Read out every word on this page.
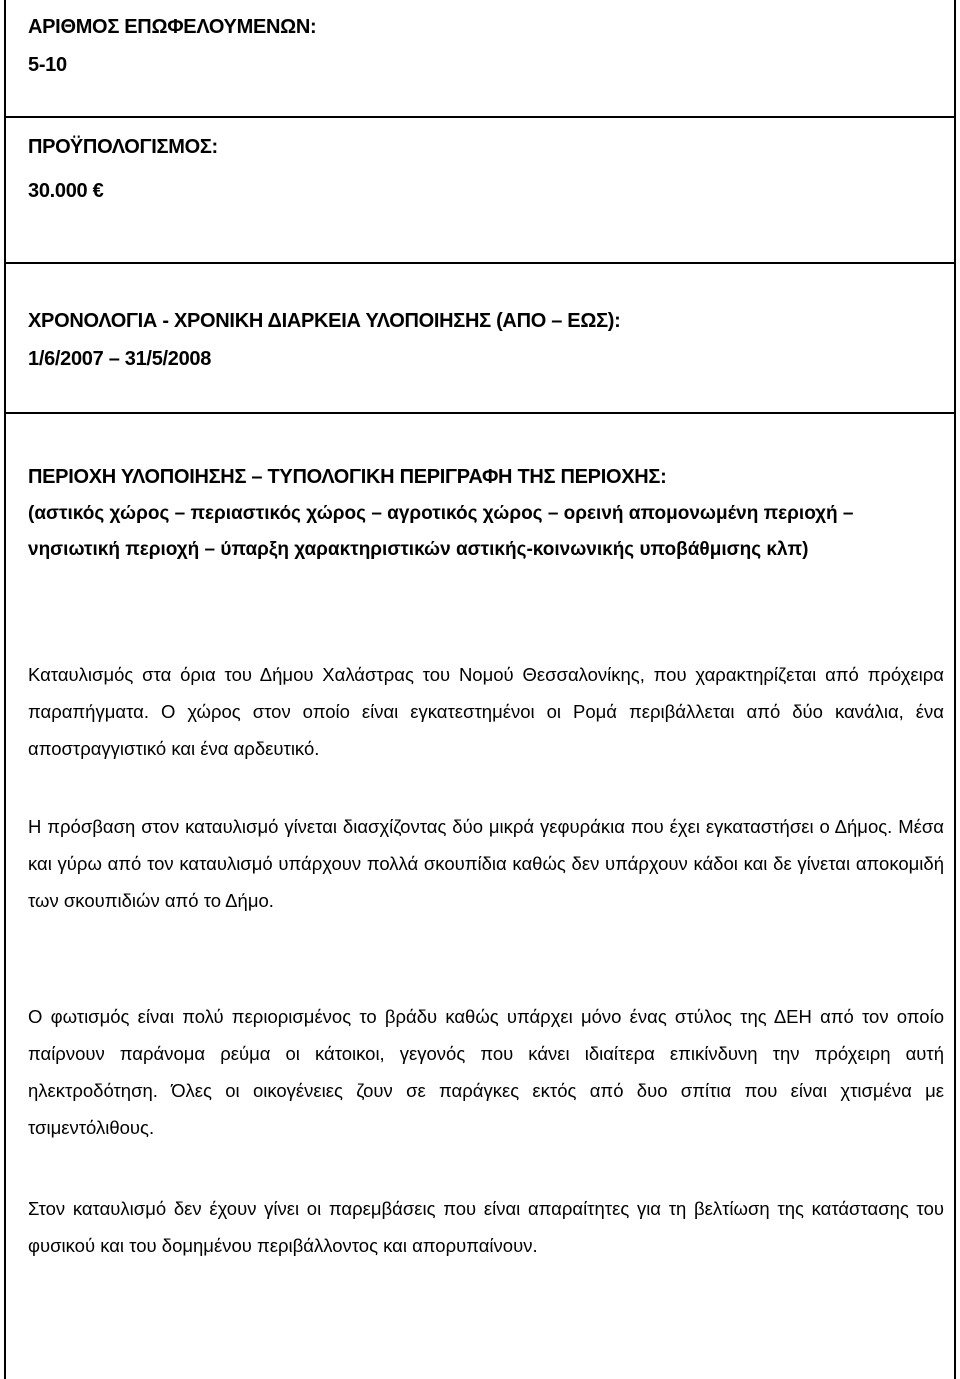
ΑΡΙΘΜΟΣ ΕΠΩΦΕΛΟΥΜΕΝΩΝ:
5-10
ΠΡΟΫΠΟΛΟΓΙΣΜΟΣ:
30.000 €
ΧΡΟΝΟΛΟΓΙΑ - ΧΡΟΝΙΚΗ ΔΙΑΡΚΕΙΑ ΥΛΟΠΟΙΗΣΗΣ (ΑΠΟ – ΕΩΣ):
1/6/2007 – 31/5/2008
ΠΕΡΙΟΧΗ ΥΛΟΠΟΙΗΣΗΣ – ΤΥΠΟΛΟΓΙΚΗ ΠΕΡΙΓΡΑΦΗ ΤΗΣ ΠΕΡΙΟΧΗΣ:
(αστικός χώρος – περιαστικός χώρος – αγροτικός χώρος – ορεινή απομονωμένη περιοχή – νησιωτική περιοχή – ύπαρξη χαρακτηριστικών αστικής-κοινωνικής υποβάθμισης κλπ)
Καταυλισμός στα όρια του Δήμου Χαλάστρας του Νομού Θεσσαλονίκης, που χαρακτηρίζεται από πρόχειρα παραπήγματα. Ο χώρος στον οποίο είναι εγκατεστημένοι οι Ρομά περιβάλλεται από δύο κανάλια, ένα αποστραγγιστικό και ένα αρδευτικό.
Η πρόσβαση στον καταυλισμό γίνεται διασχίζοντας δύο μικρά γεφυράκια που έχει εγκαταστήσει ο Δήμος. Μέσα και γύρω από τον καταυλισμό υπάρχουν πολλά σκουπίδια καθώς δεν υπάρχουν κάδοι και δε γίνεται αποκομιδή των σκουπιδιών από το Δήμο.
Ο φωτισμός είναι πολύ περιορισμένος το βράδυ καθώς υπάρχει μόνο ένας στύλος της ΔΕΗ από τον οποίο παίρνουν παράνομα ρεύμα οι κάτοικοι, γεγονός που κάνει ιδιαίτερα επικίνδυνη την πρόχειρη αυτή ηλεκτροδότηση. Όλες οι οικογένειες ζουν σε παράγκες εκτός από δυο σπίτια που είναι χτισμένα με τσιμεντόλιθους.
Στον καταυλισμό δεν έχουν γίνει οι παρεμβάσεις που είναι απαραίτητες για τη βελτίωση της κατάστασης του φυσικού και του δομημένου περιβάλλοντος και απορυπαίνουν.
